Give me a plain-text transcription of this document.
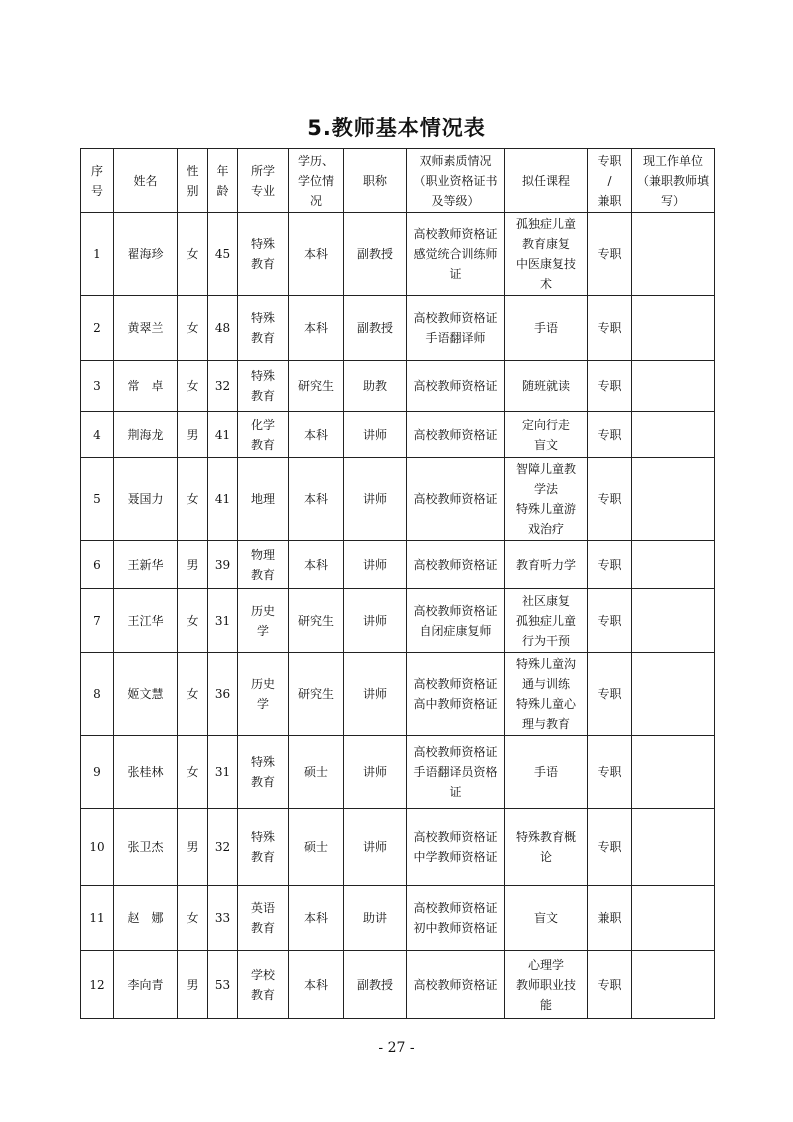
5.教师基本情况表
序
号	姓名	性
别	年
龄	所学
专业	学历、
学位情
况	职称	双师素质情况
（职业资格证书
及等级）	拟任课程	专职
/
兼职	现工作单位
（兼职教师填
写）

1	翟海珍	女	45	特殊
教育	本科	副教授	高校教师资格证
感觉统合训练师
证	孤独症儿童
教育康复
中医康复技
术	专职	
2	黄翠兰	女	48	特殊
教育	本科	副教授	高校教师资格证
手语翻译师	手语	专职	
3	常　卓	女	32	特殊
教育	研究生	助教	高校教师资格证	随班就读	专职	
4	荆海龙	男	41	化学
教育	本科	讲师	高校教师资格证	定向行走
盲文	专职	
5	聂国力	女	41	地理	本科	讲师	高校教师资格证	智障儿童教
学法
特殊儿童游
戏治疗	专职	
6	王新华	男	39	物理
教育	本科	讲师	高校教师资格证	教育听力学	专职	
7	王江华	女	31	历史
学	研究生	讲师	高校教师资格证
自闭症康复师	社区康复
孤独症儿童
行为干预	专职	
8	姬文慧	女	36	历史
学	研究生	讲师	高校教师资格证
高中教师资格证	特殊儿童沟
通与训练
特殊儿童心
理与教育	专职	
9	张桂林	女	31	特殊
教育	硕士	讲师	高校教师资格证
手语翻译员资格
证	手语	专职	
10	张卫杰	男	32	特殊
教育	硕士	讲师	高校教师资格证
中学教师资格证	特殊教育概
论	专职	
11	赵　娜	女	33	英语
教育	本科	助讲	高校教师资格证
初中教师资格证	盲文	兼职	
12	李向青	男	53	学校
教育	本科	副教授	高校教师资格证	心理学
教师职业技
能	专职	
- 27 -
